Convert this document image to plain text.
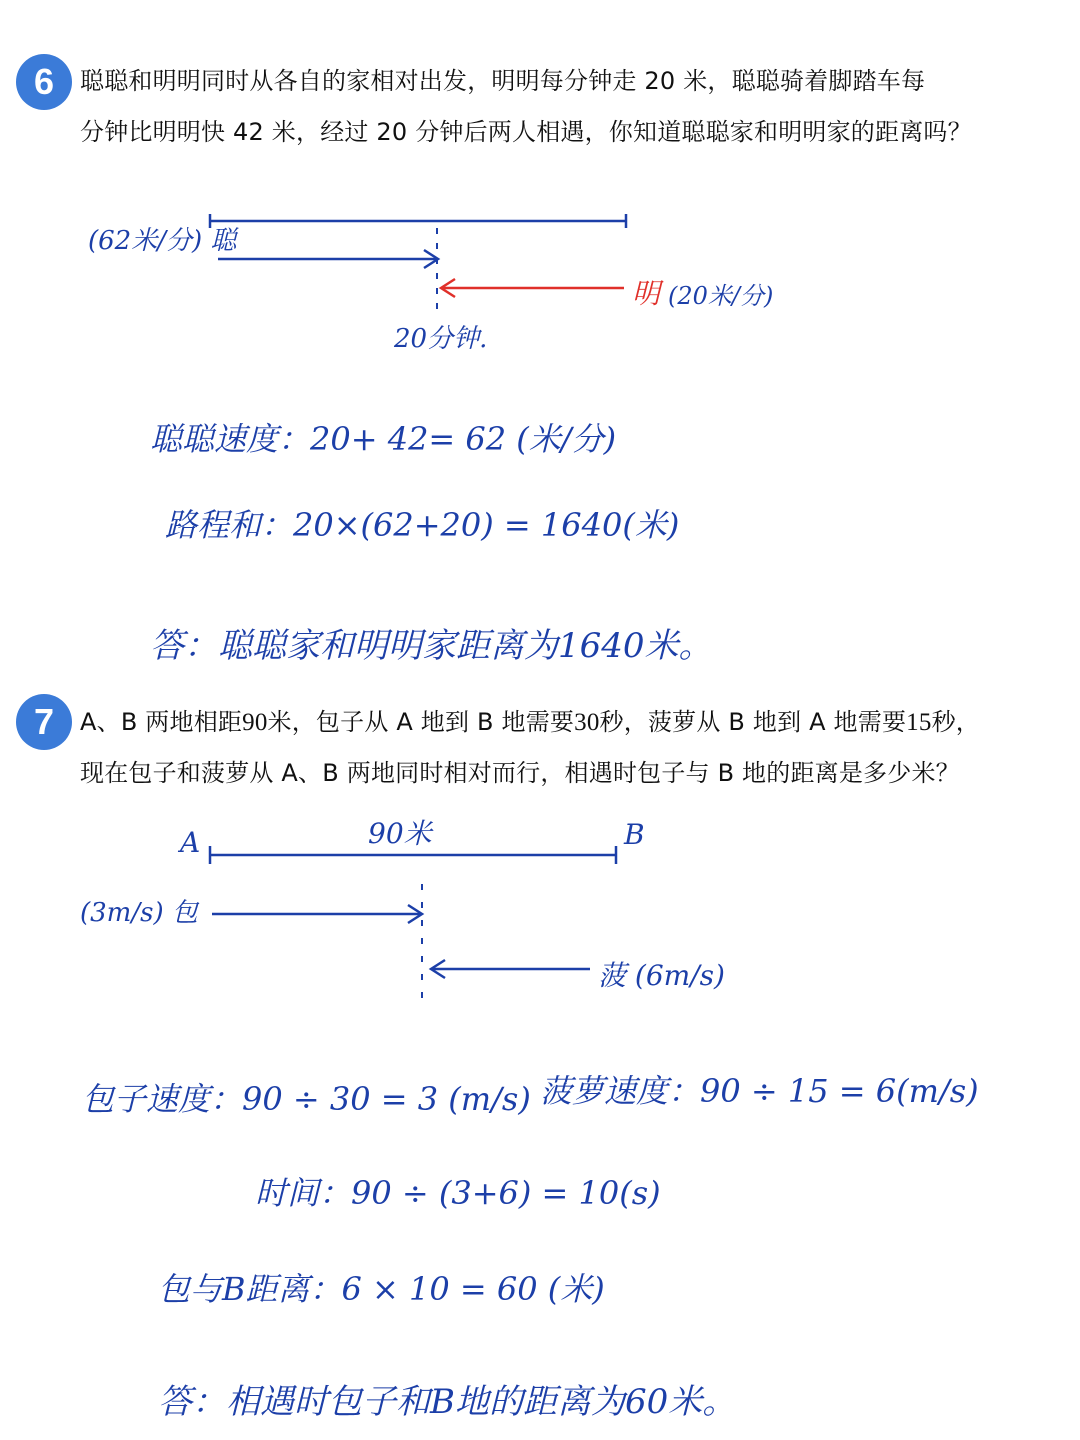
6	聪聪和明明同时从各自的家相对出发，明明每分钟走 20 米，聪聪骑着脚踏车每
分钟比明明快 42 米，经过 20 分钟后两人相遇，你知道聪聪家和明明家的距离吗？
(62米/分) 聪
明 (20米/分)
20分钟.
聪聪速度：20+ 42= 62 (米/分)
路程和：20×(62+20) = 1640(米)
答：聪聪家和明明家距离为1640米。
7	A、B 两地相距90米，包子从 A 地到 B 地需要30秒，菠萝从 B 地到 A 地需要15秒，
现在包子和菠萝从 A、B 两地同时相对而行，相遇时包子与 B 地的距离是多少米？
A	B
90米
(3m/s) 包
菠 (6m/s)
包子速度：90 ÷ 30 = 3 (m/s) 菠萝速度：90 ÷ 15 = 6(m/s)
时间：90 ÷ (3+6) = 10(s)
包与B距离：6 × 10 = 60 (米)
答：相遇时包子和B地的距离为60米。
